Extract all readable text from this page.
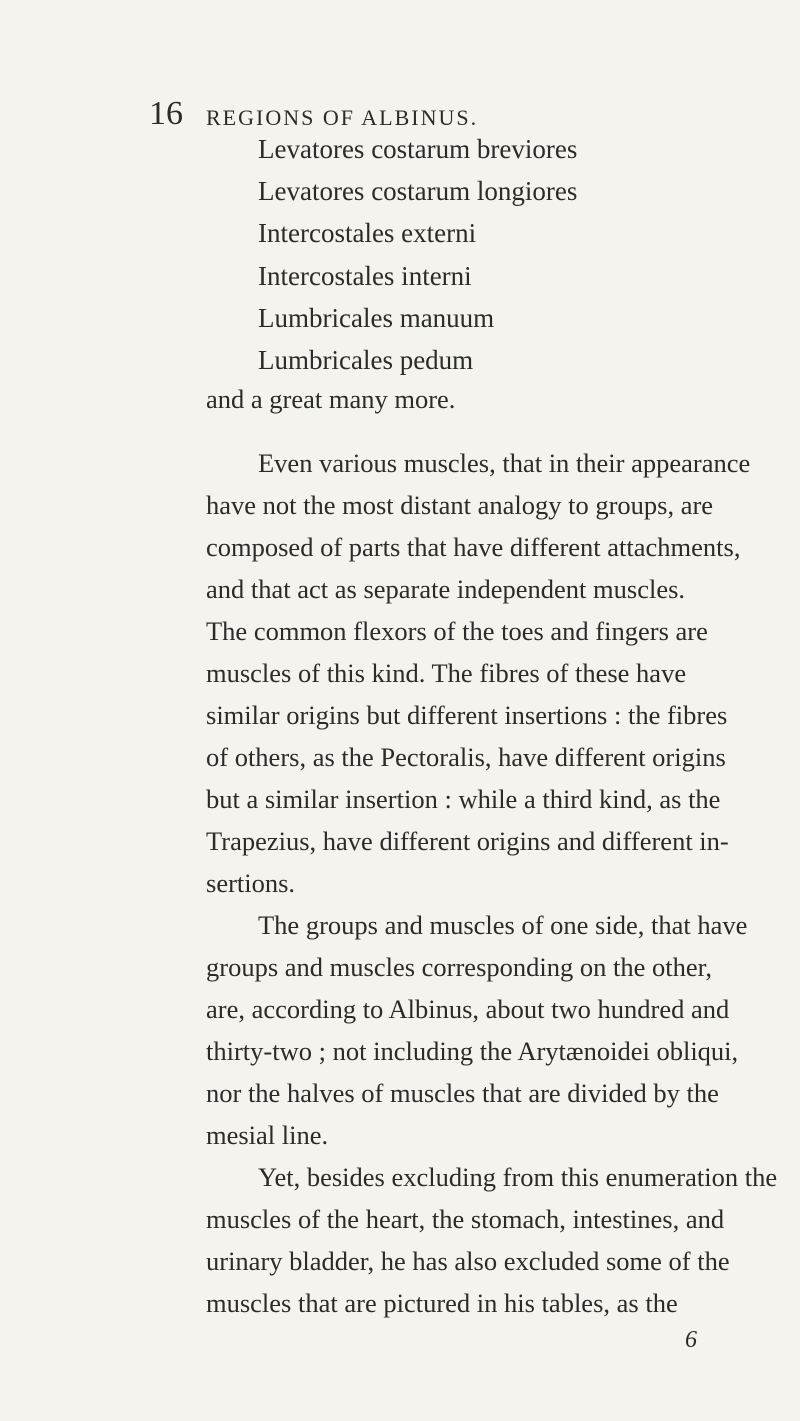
16 REGIONS OF ALBINUS.
Levatores costarum breviores
Levatores costarum longiores
Intercostales externi
Intercostales interni
Lumbricales manuum
Lumbricales pedum
and a great many more.
Even various muscles, that in their appearance
have not the most distant analogy to groups, are
composed of parts that have different attachments,
and that act as separate independent muscles.
The common flexors of the toes and fingers are
muscles of this kind. The fibres of these have
similar origins but different insertions : the fibres
of others, as the Pectoralis, have different origins
but a similar insertion : while a third kind, as the
Trapezius, have different origins and different in-
sertions.
The groups and muscles of one side, that have
groups and muscles corresponding on the other,
are, according to Albinus, about two hundred and
thirty-two ; not including the Arytænoidei obliqui,
nor the halves of muscles that are divided by the
mesial line.
Yet, besides excluding from this enumeration the
muscles of the heart, the stomach, intestines, and
urinary bladder, he has also excluded some of the
muscles that are pictured in his tables, as the
6
